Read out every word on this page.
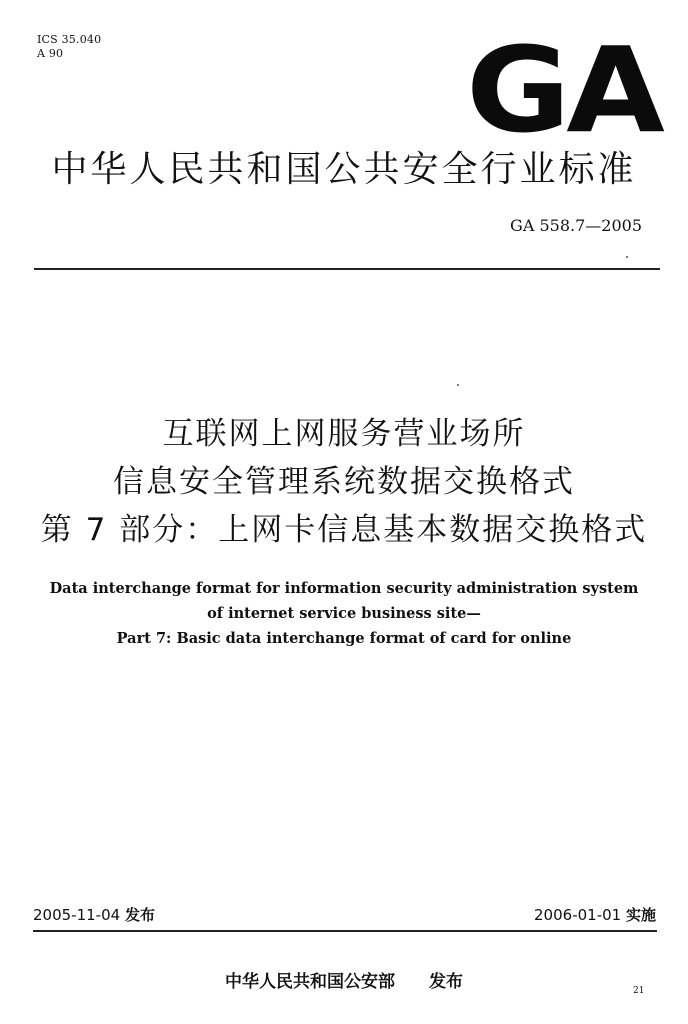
ICS 35.040
A 90	GA
中华人民共和国公共安全行业标准
GA 558.7—2005
互联网上网服务营业场所
信息安全管理系统数据交换格式
第 7 部分：上网卡信息基本数据交换格式
Data interchange format for information security administration system
of internet service business site—
Part 7: Basic data interchange format of card for online
2005-11-04 发布	2006-01-01 实施
中华人民共和国公安部 发布	21
